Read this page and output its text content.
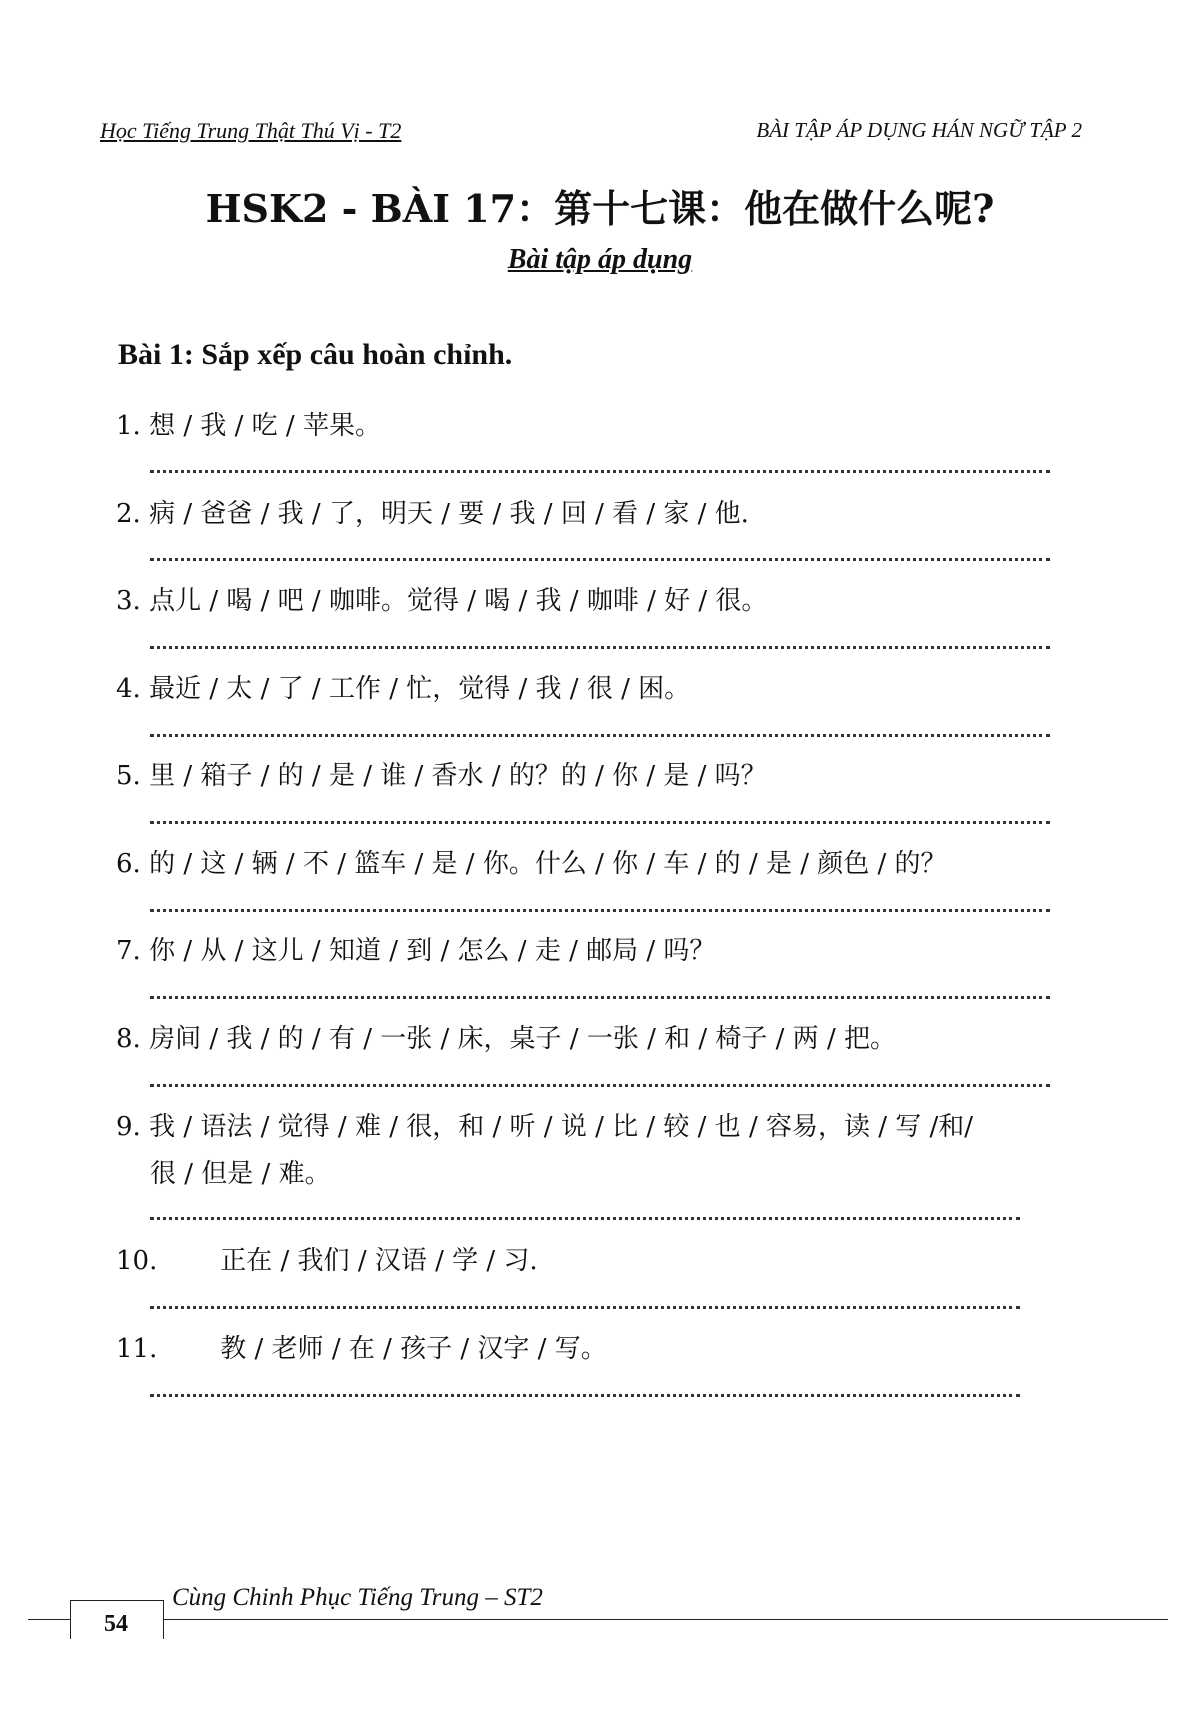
Học Tiếng Trung Thật Thú Vị - T2	BÀI TẬP ÁP DỤNG HÁN NGỮ TẬP 2
HSK2 - BÀI 17：第十七课：他在做什么呢?
Bài tập áp dụng
Bài 1: Sắp xếp câu hoàn chỉnh.
1. 想 / 我 / 吃 / 苹果。
2. 病 / 爸爸 / 我 / 了，明天 / 要 / 我 / 回 / 看 / 家 / 他.
3. 点儿 / 喝 / 吧 / 咖啡。觉得 / 喝 / 我 / 咖啡 / 好 / 很。
4. 最近 / 太 / 了 / 工作 / 忙，觉得 / 我 / 很 / 困。
5. 里 / 箱子 / 的 / 是 / 谁 / 香水 / 的？的 / 你 / 是 / 吗？
6. 的 / 这 / 辆 / 不 / 篮车 / 是 / 你。什么 / 你 / 车 / 的 / 是 / 颜色 / 的？
7. 你 / 从 / 这儿 / 知道 / 到 / 怎么 / 走 / 邮局 / 吗？
8. 房间 / 我 / 的 / 有 / 一张 / 床，桌子 / 一张 / 和 / 椅子 / 两 / 把。
9. 我 / 语法 / 觉得 / 难 / 很，和 / 听 / 说 / 比 / 较 / 也 / 容易，读 / 写 /和/
很 / 但是 / 难。
10. 正在 / 我们 / 汉语 / 学 / 习.
11. 教 / 老师 / 在 / 孩子 / 汉字 / 写。
54
Cùng Chinh Phục Tiếng Trung – ST2
